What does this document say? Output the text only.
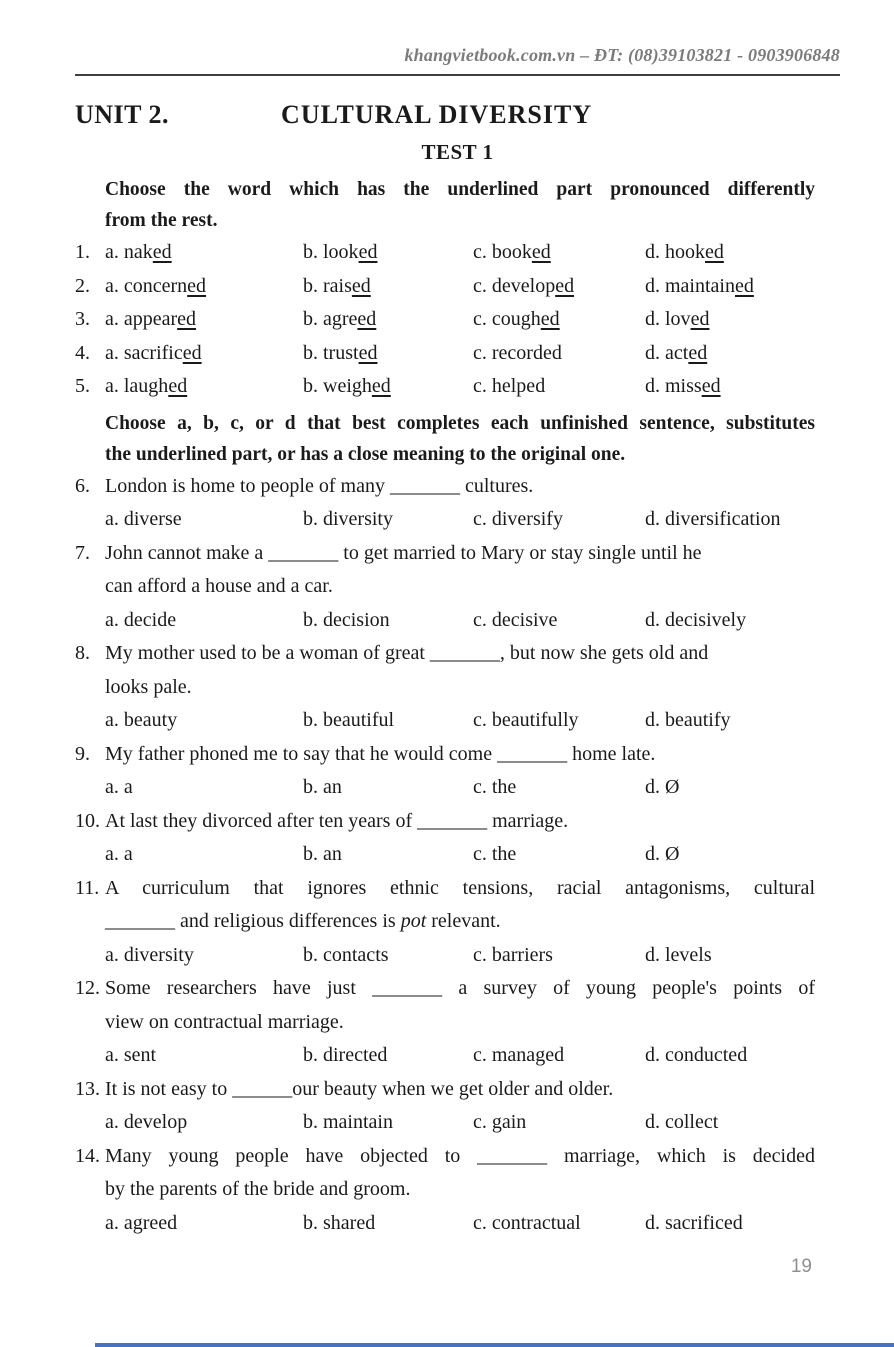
khangvietbook.com.vn – ĐT: (08)39103821 - 0903906848
UNIT 2.	CULTURAL DIVERSITY
TEST 1
Choose the word which has the underlined part pronounced differently
from the rest.
1. a. naked	b. looked	c. booked	d. hooked
2. a. concerned	b. raised	c. developed	d. maintained
3. a. appeared	b. agreed	c. coughed	d. loved
4. a. sacrificed	b. trusted	c. recorded	d. acted
5. a. laughed	b. weighed	c. helped	d. missed
Choose a, b, c, or d that best completes each unfinished sentence, substitutes
the underlined part, or has a close meaning to the original one.
6. London is home to people of many _______ cultures.
a. diverse	b. diversity	c. diversify	d. diversification
7. John cannot make a _______ to get married to Mary or stay single until he
can afford a house and a car.
a. decide	b. decision	c. decisive	d. decisively
8. My mother used to be a woman of great _______, but now she gets old and
looks pale.
a. beauty	b. beautiful	c. beautifully	d. beautify
9. My father phoned me to say that he would come _______ home late.
a. a	b. an	c. the	d. Ø
10. At last they divorced after ten years of _______ marriage.
a. a	b. an	c. the	d. Ø
11. A curriculum that ignores ethnic tensions, racial antagonisms, cultural
_______ and religious differences is pot relevant.
a. diversity	b. contacts	c. barriers	d. levels
12. Some researchers have just _______ a survey of young people's points of
view on contractual marriage.
a. sent	b. directed	c. managed	d. conducted
13. It is not easy to ______our beauty when we get older and older.
a. develop	b. maintain	c. gain	d. collect
14. Many young people have objected to _______ marriage, which is decided
by the parents of the bride and groom.
a. agreed	b. shared	c. contractual	d. sacrificed
19
